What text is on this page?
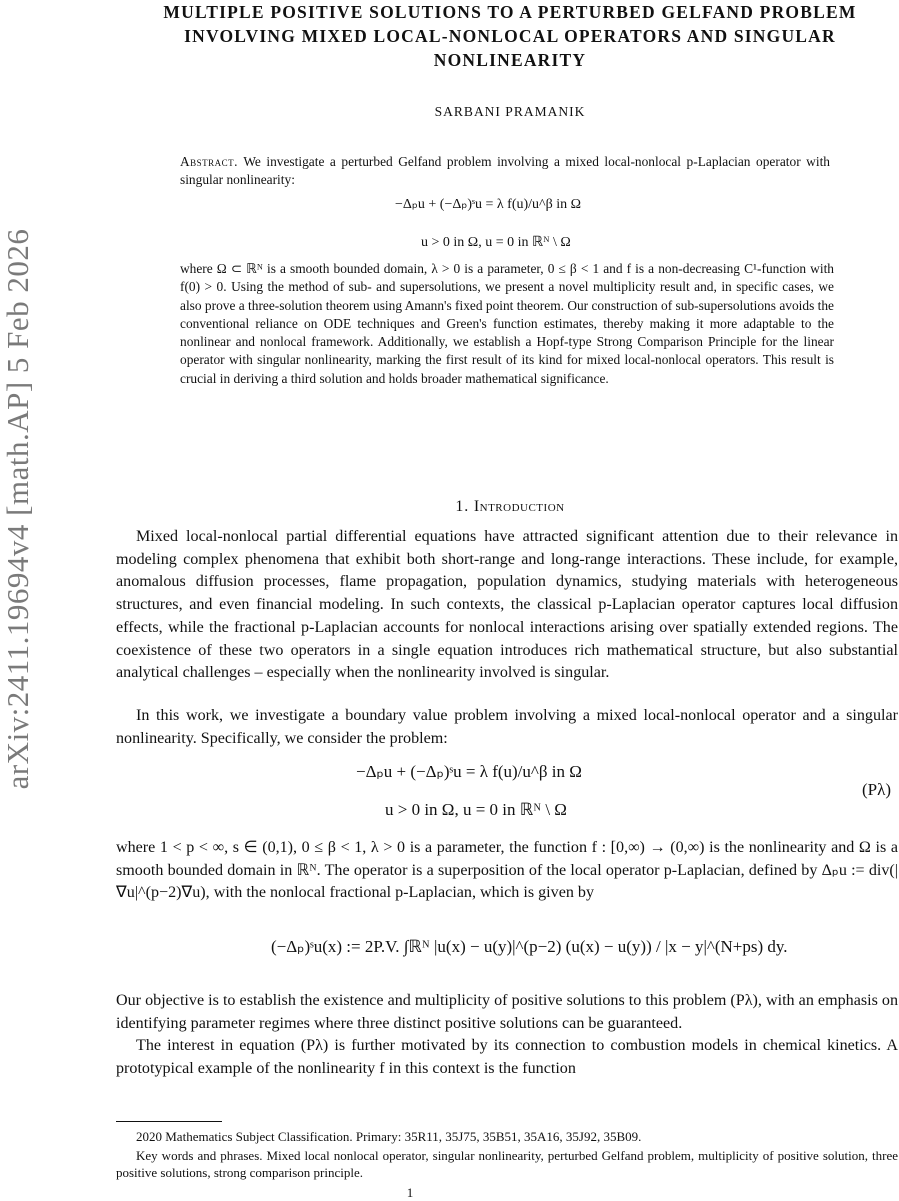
arXiv:2411.19694v4 [math.AP] 5 Feb 2026
MULTIPLE POSITIVE SOLUTIONS TO A PERTURBED GELFAND PROBLEM
INVOLVING MIXED LOCAL-NONLOCAL OPERATORS AND SINGULAR
NONLINEARITY
SARBANI PRAMANIK
Abstract. We investigate a perturbed Gelfand problem involving a mixed local-nonlocal p-Laplacian operator with singular nonlinearity:
−Δₚu + (−Δₚ)ˢu = λ f(u)/u^β in Ω
u > 0 in Ω, u = 0 in ℝᴺ \ Ω

where Ω ⊂ ℝᴺ is a smooth bounded domain, λ > 0 is a parameter, 0 ≤ β < 1 and f is a non-decreasing C¹-function with f(0) > 0. Using the method of sub- and supersolutions, we present a novel multiplicity result and, in specific cases, we also prove a three-solution theorem using Amann's fixed point theorem. Our construction of sub-supersolutions avoids the conventional reliance on ODE techniques and Green's function estimates, thereby making it more adaptable to the nonlinear and nonlocal framework. Additionally, we establish a Hopf-type Strong Comparison Principle for the linear operator with singular nonlinearity, marking the first result of its kind for mixed local-nonlocal operators. This result is crucial in deriving a third solution and holds broader mathematical significance.

1. Introduction

Mixed local-nonlocal partial differential equations have attracted significant attention due to their relevance in modeling complex phenomena that exhibit both short-range and long-range interactions. These include, for example, anomalous diffusion processes, flame propagation, population dynamics, studying materials with heterogeneous structures, and even financial modeling. In such contexts, the classical p-Laplacian operator captures local diffusion effects, while the fractional p-Laplacian accounts for nonlocal interactions arising over spatially extended regions. The coexistence of these two operators in a single equation introduces rich mathematical structure, but also substantial analytical challenges – especially when the nonlinearity involved is singular.

In this work, we investigate a boundary value problem involving a mixed local-nonlocal operator and a singular nonlinearity. Specifically, we consider the problem:

−Δₚu + (−Δₚ)ˢu = λ f(u)/u^β in Ω
u > 0 in Ω, u = 0 in ℝᴺ \ Ω
(Pλ)

where 1 < p < ∞, s ∈ (0,1), 0 ≤ β < 1, λ > 0 is a parameter, the function f : [0,∞) → (0,∞) is the nonlinearity and Ω is a smooth bounded domain in ℝᴺ. The operator is a superposition of the local operator p-Laplacian, defined by Δₚu := div(|∇u|^(p−2)∇u), with the nonlocal fractional p-Laplacian, which is given by

(−Δₚ)ˢu(x) := 2P.V. ∫ℝᴺ |u(x) − u(y)|^(p−2) (u(x) − u(y)) / |x − y|^(N+ps) dy.

Our objective is to establish the existence and multiplicity of positive solutions to this problem (Pλ), with an emphasis on identifying parameter regimes where three distinct positive solutions can be guaranteed.

The interest in equation (Pλ) is further motivated by its connection to combustion models in chemical kinetics. A prototypical example of the nonlinearity f in this context is the function

2020 Mathematics Subject Classification. Primary: 35R11, 35J75, 35B51, 35A16, 35J92, 35B09.
Key words and phrases. Mixed local nonlocal operator, singular nonlinearity, perturbed Gelfand problem, multiplicity of positive solution, three positive solutions, strong comparison principle.
1
